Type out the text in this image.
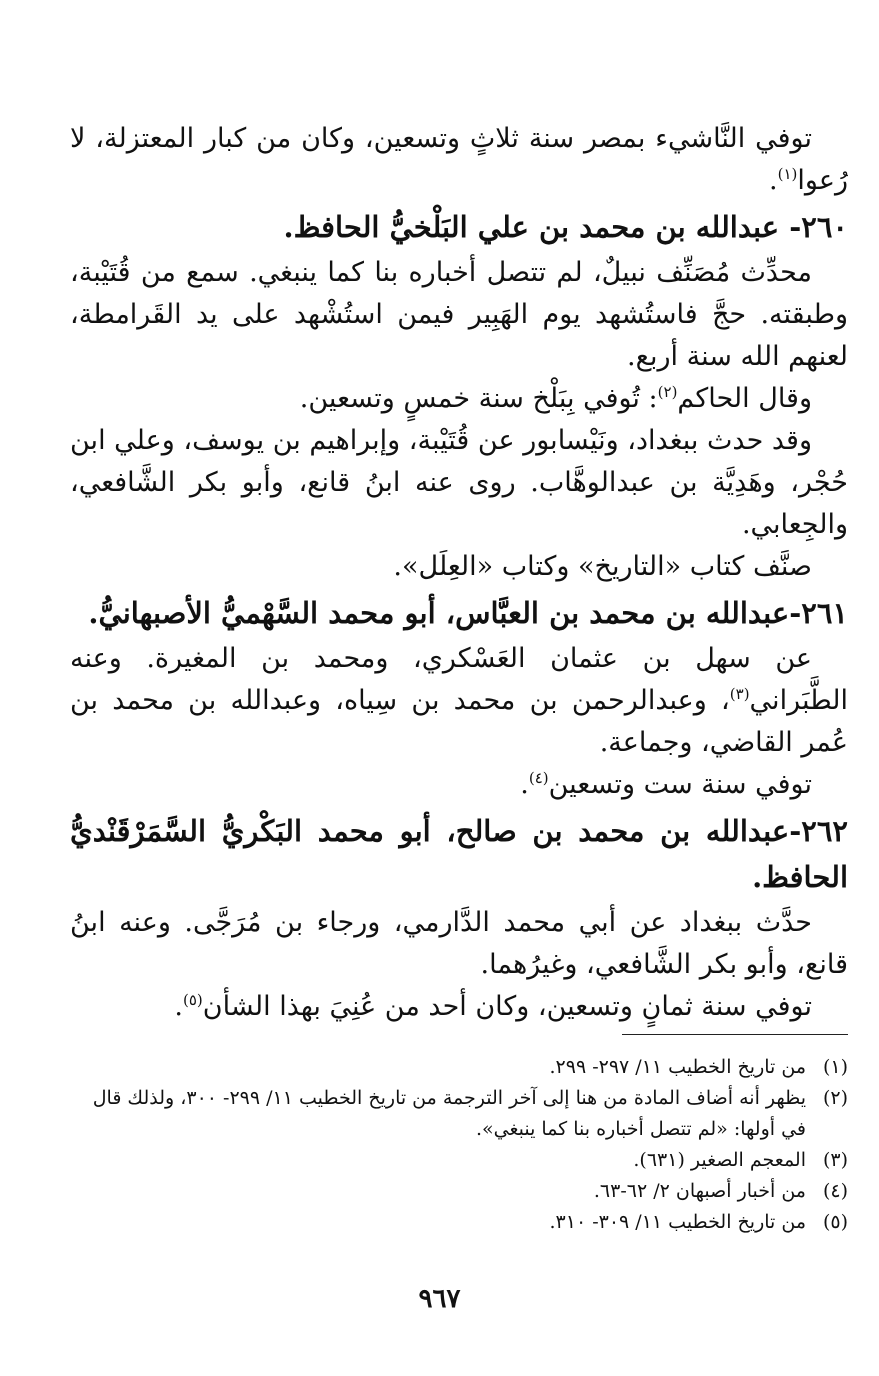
توفي النَّاشيء بمصر سنة ثلاثٍ وتسعين، وكان من كبار المعتزلة، لا رُعوا$^{(١)}$.

٢٦٠- عبدالله بن محمد بن علي البَلْخيُّ الحافظ.

محدِّث مُصَنِّف نبيلٌ، لم تتصل أخباره بنا كما ينبغي. سمع من قُتَيْبة، وطبقته. حجَّ فاستُشهد يوم الهَبِير فيمن استُشْهد على يد القَرامطة، لعنهم الله سنة أربع.

وقال الحاكم$^{(٢)}$: تُوفي بِبَلْخ سنة خمسٍ وتسعين.

وقد حدث ببغداد، ونَيْسابور عن قُتَيْبة، وإبراهيم بن يوسف، وعلي ابن حُجْر، وهَدِيَّة بن عبدالوهَّاب. روى عنه ابنُ قانع، وأبو بكر الشَّافعي، والجِعابي.

صنَّف كتاب «التاريخ» وكتاب «العِلَل».

٢٦١-عبدالله بن محمد بن العبَّاس، أبو محمد السَّهْميُّ الأصبهانيُّ.

عن سهل بن عثمان العَسْكري، ومحمد بن المغيرة. وعنه الطَّبَراني$^{(٣)}$، وعبدالرحمن بن محمد بن سِياه، وعبدالله بن محمد بن عُمر القاضي، وجماعة.

توفي سنة ست وتسعين$^{(٤)}$.

٢٦٢-عبدالله بن محمد بن صالح، أبو محمد البَكْريُّ السَّمَرْقَنْديُّ الحافظ.

حدَّث ببغداد عن أبي محمد الدَّارمي، ورجاء بن مُرَجَّى. وعنه ابنُ قانع، وأبو بكر الشَّافعي، وغيرُهما.

توفي سنة ثمانٍ وتسعين، وكان أحد من عُنِيَ بهذا الشأن$^{(٥)}$.

(١)
من تاريخ الخطيب ١١/ ٢٩٧- ٢٩٩.
(٢)
يظهر أنه أضاف المادة من هنا إلى آخر الترجمة من تاريخ الخطيب ١١/ ٢٩٩- ٣٠٠، ولذلك قال في أولها: «لم تتصل أخباره بنا كما ينبغي».
(٣)
المعجم الصغير (٦٣١).
(٤)
من أخبار أصبهان ٢/ ٦٢-٦٣.
(٥)
من تاريخ الخطيب ١١/ ٣٠٩- ٣١٠.
٩٦٧
